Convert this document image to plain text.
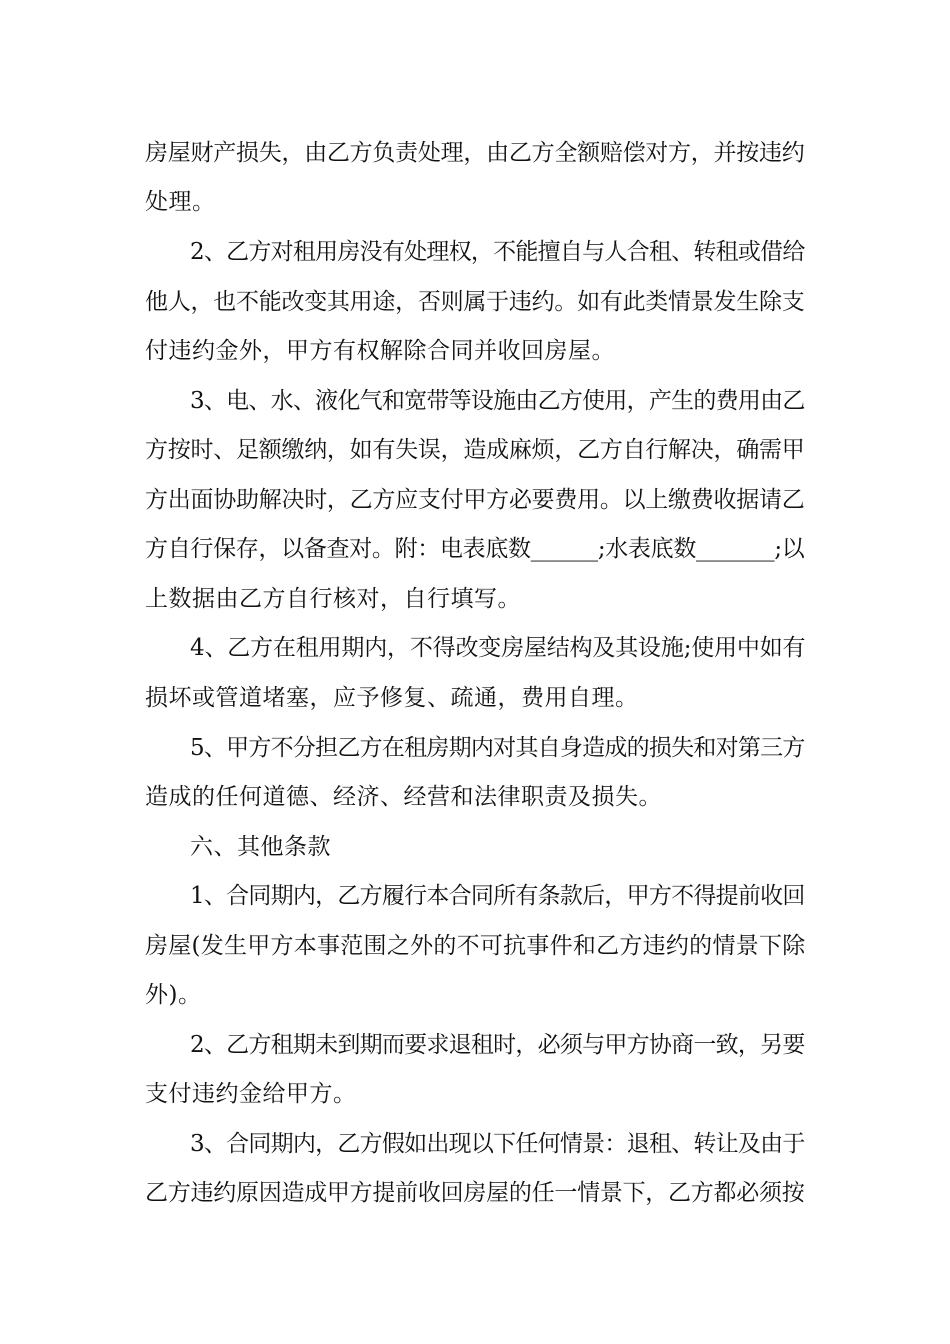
房屋财产损失，由乙方负责处理，由乙方全额赔偿对方，并按违约
处理。
2、乙方对租用房没有处理权，不能擅自与人合租、转租或借给
他人，也不能改变其用途，否则属于违约。如有此类情景发生除支
付违约金外，甲方有权解除合同并收回房屋。
3、电、水、液化气和宽带等设施由乙方使用，产生的费用由乙
方按时、足额缴纳，如有失误，造成麻烦，乙方自行解决，确需甲
方出面协助解决时，乙方应支付甲方必要费用。以上缴费收据请乙
方自行保存，以备查对。附：电表底数______;水表底数_______;以
上数据由乙方自行核对，自行填写。
4、乙方在租用期内，不得改变房屋结构及其设施;使用中如有
损坏或管道堵塞，应予修复、疏通，费用自理。
5、甲方不分担乙方在租房期内对其自身造成的损失和对第三方
造成的任何道德、经济、经营和法律职责及损失。
六、其他条款
1、合同期内，乙方履行本合同所有条款后，甲方不得提前收回
房屋(发生甲方本事范围之外的不可抗事件和乙方违约的情景下除
外)。
2、乙方租期未到期而要求退租时，必须与甲方协商一致，另要
支付违约金给甲方。
3、合同期内，乙方假如出现以下任何情景：退租、转让及由于
乙方违约原因造成甲方提前收回房屋的任一情景下，乙方都必须按
